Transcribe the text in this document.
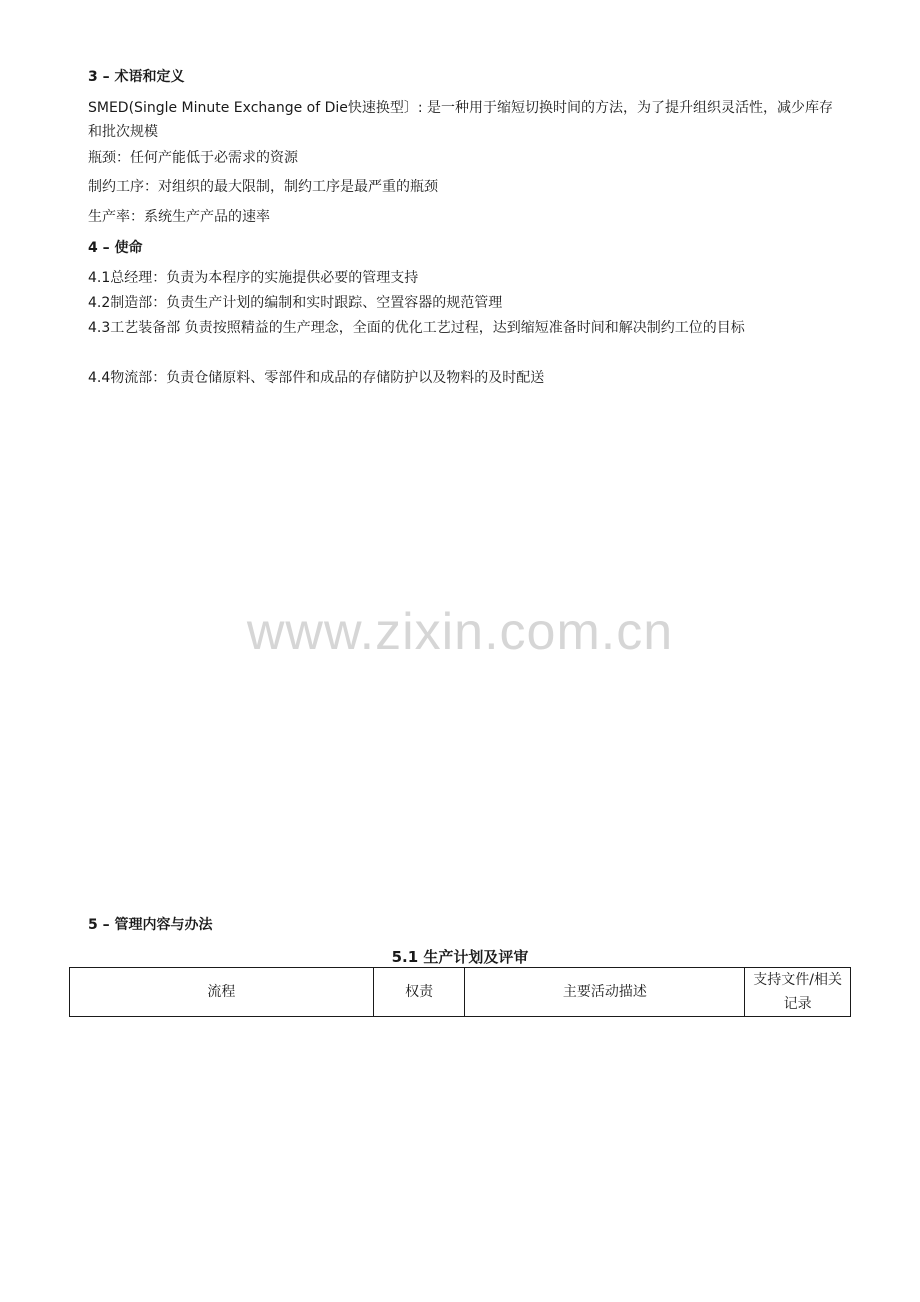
3 – 术语和定义
SMED(Single Minute Exchange of Die快速换型〕: 是一种用于缩短切换时间的方法，为了提升组织灵活性，减少库存和批次规模
瓶颈：任何产能低于必需求的资源
制约工序：对组织的最大限制，制约工序是最严重的瓶颈
生产率：系统生产产品的速率
4 – 使命
4.1总经理：负责为本程序的实施提供必要的管理支持
4.2制造部：负责生产计划的编制和实时跟踪、空置容器的规范管理
4.3工艺装备部 负责按照精益的生产理念，全面的优化工艺过程，达到缩短准备时间和解决制约工位的目标
4.4物流部：负责仓储原料、零部件和成品的存储防护以及物料的及时配送
www.zixin.com.cn
5 – 管理内容与办法
5.1 生产计划及评审
流程	权责	主要活动描述	支持文件/相关记录
